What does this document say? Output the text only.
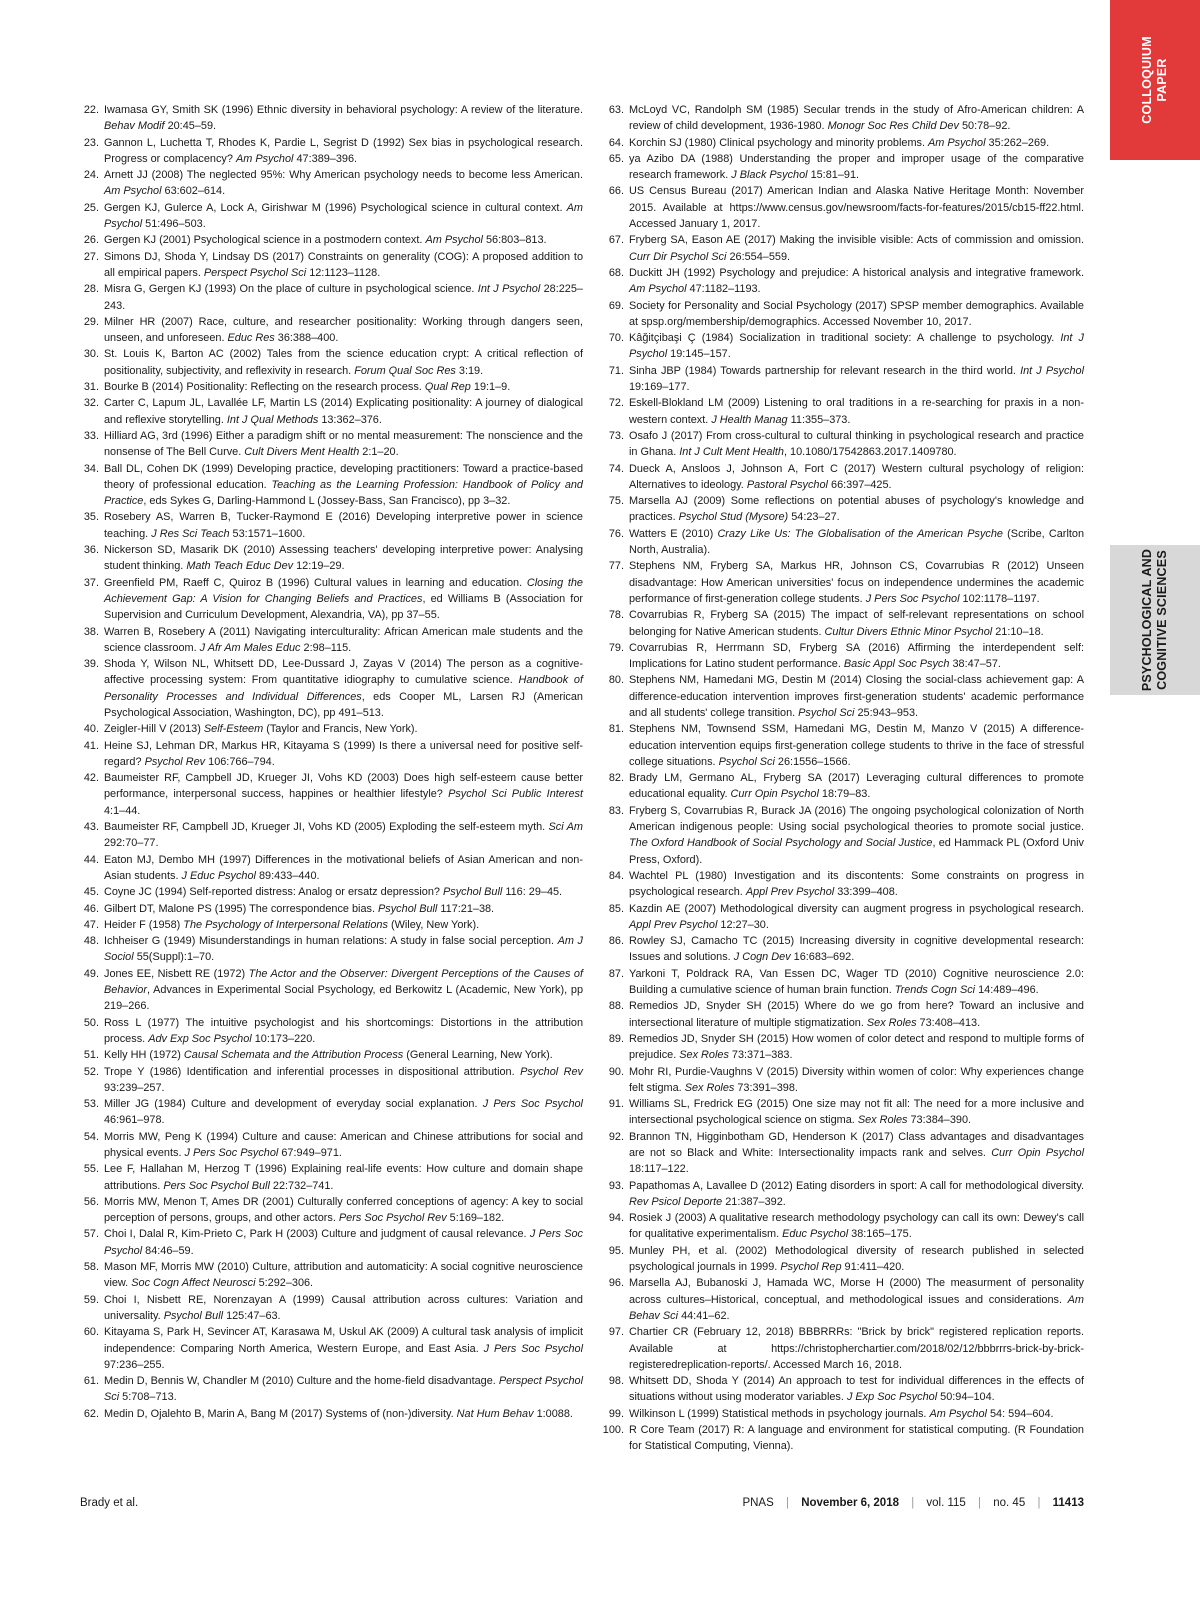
COLLOQUIUM PAPER
PSYCHOLOGICAL AND COGNITIVE SCIENCES
22 . Iwamasa GY, Smith SK (1996) Ethnic diversity in behavioral psychology: A review of the literature. Behav Modif 20:45–59.
23 . Gannon L, Luchetta T, Rhodes K, Pardie L, Segrist D (1992) Sex bias in psychological research. Progress or complacency? Am Psychol 47:389–396.
24 . Arnett JJ (2008) The neglected 95%: Why American psychology needs to become less American. Am Psychol 63:602–614.
25 . Gergen KJ, Gulerce A, Lock A, Girishwar M (1996) Psychological science in cultural context. Am Psychol 51:496–503.
26 . Gergen KJ (2001) Psychological science in a postmodern context. Am Psychol 56:803–813.
27 . Simons DJ, Shoda Y, Lindsay DS (2017) Constraints on generality (COG): A proposed addition to all empirical papers. Perspect Psychol Sci 12:1123–1128.
28 . Misra G, Gergen KJ (1993) On the place of culture in psychological science. Int J Psychol 28:225–243.
29 . Milner HR (2007) Race, culture, and researcher positionality: Working through dangers seen, unseen, and unforeseen. Educ Res 36:388–400.
30 . St. Louis K, Barton AC (2002) Tales from the science education crypt: A critical reflection of positionality, subjectivity, and reflexivity in research. Forum Qual Soc Res 3:19.
31 . Bourke B (2014) Positionality: Reflecting on the research process. Qual Rep 19:1–9.
32 . Carter C, Lapum JL, Lavallée LF, Martin LS (2014) Explicating positionality: A journey of dialogical and reflexive storytelling. Int J Qual Methods 13:362–376.
33 . Hilliard AG, 3rd (1996) Either a paradigm shift or no mental measurement: The nonscience and the nonsense of The Bell Curve. Cult Divers Ment Health 2:1–20.
34 . Ball DL, Cohen DK (1999) Developing practice, developing practitioners: Toward a practice-based theory of professional education. Teaching as the Learning Profession: Handbook of Policy and Practice, eds Sykes G, Darling-Hammond L (Jossey-Bass, San Francisco), pp 3–32.
35 . Rosebery AS, Warren B, Tucker-Raymond E (2016) Developing interpretive power in science teaching. J Res Sci Teach 53:1571–1600.
36 . Nickerson SD, Masarik DK (2010) Assessing teachers' developing interpretive power: Analysing student thinking. Math Teach Educ Dev 12:19–29.
37 . Greenfield PM, Raeff C, Quiroz B (1996) Cultural values in learning and education. Closing the Achievement Gap: A Vision for Changing Beliefs and Practices, ed Williams B (Association for Supervision and Curriculum Development, Alexandria, VA), pp 37–55.
38 . Warren B, Rosebery A (2011) Navigating interculturality: African American male students and the science classroom. J Afr Am Males Educ 2:98–115.
39 . Shoda Y, Wilson NL, Whitsett DD, Lee-Dussard J, Zayas V (2014) The person as a cognitive-affective processing system: From quantitative idiography to cumulative science. Handbook of Personality Processes and Individual Differences, eds Cooper ML, Larsen RJ (American Psychological Association, Washington, DC), pp 491–513.
40 . Zeigler-Hill V (2013) Self-Esteem (Taylor and Francis, New York).
41 . Heine SJ, Lehman DR, Markus HR, Kitayama S (1999) Is there a universal need for positive self-regard? Psychol Rev 106:766–794.
42 . Baumeister RF, Campbell JD, Krueger JI, Vohs KD (2003) Does high self-esteem cause better performance, interpersonal success, happines or healthier lifestyle? Psychol Sci Public Interest 4:1–44.
43 . Baumeister RF, Campbell JD, Krueger JI, Vohs KD (2005) Exploding the self-esteem myth. Sci Am 292:70–77.
44 . Eaton MJ, Dembo MH (1997) Differences in the motivational beliefs of Asian American and non-Asian students. J Educ Psychol 89:433–440.
45 . Coyne JC (1994) Self-reported distress: Analog or ersatz depression? Psychol Bull 116: 29–45.
46 . Gilbert DT, Malone PS (1995) The correspondence bias. Psychol Bull 117:21–38.
47 . Heider F (1958) The Psychology of Interpersonal Relations (Wiley, New York).
48 . Ichheiser G (1949) Misunderstandings in human relations: A study in false social perception. Am J Sociol 55(Suppl):1–70.
49 . Jones EE, Nisbett RE (1972) The Actor and the Observer: Divergent Perceptions of the Causes of Behavior, Advances in Experimental Social Psychology, ed Berkowitz L (Academic, New York), pp 219–266.
50 . Ross L (1977) The intuitive psychologist and his shortcomings: Distortions in the attribution process. Adv Exp Soc Psychol 10:173–220.
51 . Kelly HH (1972) Causal Schemata and the Attribution Process (General Learning, New York).
52 . Trope Y (1986) Identification and inferential processes in dispositional attribution. Psychol Rev 93:239–257.
53 . Miller JG (1984) Culture and development of everyday social explanation. J Pers Soc Psychol 46:961–978.
54 . Morris MW, Peng K (1994) Culture and cause: American and Chinese attributions for social and physical events. J Pers Soc Psychol 67:949–971.
55 . Lee F, Hallahan M, Herzog T (1996) Explaining real-life events: How culture and domain shape attributions. Pers Soc Psychol Bull 22:732–741.
56 . Morris MW, Menon T, Ames DR (2001) Culturally conferred conceptions of agency: A key to social perception of persons, groups, and other actors. Pers Soc Psychol Rev 5:169–182.
57 . Choi I, Dalal R, Kim-Prieto C, Park H (2003) Culture and judgment of causal relevance. J Pers Soc Psychol 84:46–59.
58 . Mason MF, Morris MW (2010) Culture, attribution and automaticity: A social cognitive neuroscience view. Soc Cogn Affect Neurosci 5:292–306.
59 . Choi I, Nisbett RE, Norenzayan A (1999) Causal attribution across cultures: Variation and universality. Psychol Bull 125:47–63.
60 . Kitayama S, Park H, Sevincer AT, Karasawa M, Uskul AK (2009) A cultural task analysis of implicit independence: Comparing North America, Western Europe, and East Asia. J Pers Soc Psychol 97:236–255.
61 . Medin D, Bennis W, Chandler M (2010) Culture and the home-field disadvantage. Perspect Psychol Sci 5:708–713.
62 . Medin D, Ojalehto B, Marin A, Bang M (2017) Systems of (non-)diversity. Nat Hum Behav 1:0088.
63 . McLoyd VC, Randolph SM (1985) Secular trends in the study of Afro-American children: A review of child development, 1936-1980. Monogr Soc Res Child Dev 50:78–92.
64 . Korchin SJ (1980) Clinical psychology and minority problems. Am Psychol 35:262–269.
65 . ya Azibo DA (1988) Understanding the proper and improper usage of the comparative research framework. J Black Psychol 15:81–91.
66 . US Census Bureau (2017) American Indian and Alaska Native Heritage Month: November 2015. Available at https://www.census.gov/newsroom/facts-for-features/2015/cb15-ff22.html. Accessed January 1, 2017.
67 . Fryberg SA, Eason AE (2017) Making the invisible visible: Acts of commission and omission. Curr Dir Psychol Sci 26:554–559.
68 . Duckitt JH (1992) Psychology and prejudice: A historical analysis and integrative framework. Am Psychol 47:1182–1193.
69 . Society for Personality and Social Psychology (2017) SPSP member demographics. Available at spsp.org/membership/demographics. Accessed November 10, 2017.
70 . Kâğitçibaşi Ç (1984) Socialization in traditional society: A challenge to psychology. Int J Psychol 19:145–157.
71 . Sinha JBP (1984) Towards partnership for relevant research in the third world. Int J Psychol 19:169–177.
72 . Eskell-Blokland LM (2009) Listening to oral traditions in a re-searching for praxis in a non-western context. J Health Manag 11:355–373.
73 . Osafo J (2017) From cross-cultural to cultural thinking in psychological research and practice in Ghana. Int J Cult Ment Health, 10.1080/17542863.2017.1409780.
74 . Dueck A, Ansloos J, Johnson A, Fort C (2017) Western cultural psychology of religion: Alternatives to ideology. Pastoral Psychol 66:397–425.
75 . Marsella AJ (2009) Some reflections on potential abuses of psychology's knowledge and practices. Psychol Stud (Mysore) 54:23–27.
76 . Watters E (2010) Crazy Like Us: The Globalisation of the American Psyche (Scribe, Carlton North, Australia).
77 . Stephens NM, Fryberg SA, Markus HR, Johnson CS, Covarrubias R (2012) Unseen disadvantage: How American universities' focus on independence undermines the academic performance of first-generation college students. J Pers Soc Psychol 102:1178–1197.
78 . Covarrubias R, Fryberg SA (2015) The impact of self-relevant representations on school belonging for Native American students. Cultur Divers Ethnic Minor Psychol 21:10–18.
79 . Covarrubias R, Herrmann SD, Fryberg SA (2016) Affirming the interdependent self: Implications for Latino student performance. Basic Appl Soc Psych 38:47–57.
80 . Stephens NM, Hamedani MG, Destin M (2014) Closing the social-class achievement gap: A difference-education intervention improves first-generation students' academic performance and all students' college transition. Psychol Sci 25:943–953.
81 . Stephens NM, Townsend SSM, Hamedani MG, Destin M, Manzo V (2015) A difference-education intervention equips first-generation college students to thrive in the face of stressful college situations. Psychol Sci 26:1556–1566.
82 . Brady LM, Germano AL, Fryberg SA (2017) Leveraging cultural differences to promote educational equality. Curr Opin Psychol 18:79–83.
83 . Fryberg S, Covarrubias R, Burack JA (2016) The ongoing psychological colonization of North American indigenous people: Using social psychological theories to promote social justice. The Oxford Handbook of Social Psychology and Social Justice, ed Hammack PL (Oxford Univ Press, Oxford).
84 . Wachtel PL (1980) Investigation and its discontents: Some constraints on progress in psychological research. Appl Prev Psychol 33:399–408.
85 . Kazdin AE (2007) Methodological diversity can augment progress in psychological research. Appl Prev Psychol 12:27–30.
86 . Rowley SJ, Camacho TC (2015) Increasing diversity in cognitive developmental research: Issues and solutions. J Cogn Dev 16:683–692.
87 . Yarkoni T, Poldrack RA, Van Essen DC, Wager TD (2010) Cognitive neuroscience 2.0: Building a cumulative science of human brain function. Trends Cogn Sci 14:489–496.
88 . Remedios JD, Snyder SH (2015) Where do we go from here? Toward an inclusive and intersectional literature of multiple stigmatization. Sex Roles 73:408–413.
89 . Remedios JD, Snyder SH (2015) How women of color detect and respond to multiple forms of prejudice. Sex Roles 73:371–383.
90 . Mohr RI, Purdie-Vaughns V (2015) Diversity within women of color: Why experiences change felt stigma. Sex Roles 73:391–398.
91 . Williams SL, Fredrick EG (2015) One size may not fit all: The need for a more inclusive and intersectional psychological science on stigma. Sex Roles 73:384–390.
92 . Brannon TN, Higginbotham GD, Henderson K (2017) Class advantages and disadvantages are not so Black and White: Intersectionality impacts rank and selves. Curr Opin Psychol 18:117–122.
93 . Papathomas A, Lavallee D (2012) Eating disorders in sport: A call for methodological diversity. Rev Psicol Deporte 21:387–392.
94 . Rosiek J (2003) A qualitative research methodology psychology can call its own: Dewey's call for qualitative experimentalism. Educ Psychol 38:165–175.
95 . Munley PH, et al. (2002) Methodological diversity of research published in selected psychological journals in 1999. Psychol Rep 91:411–420.
96 . Marsella AJ, Bubanoski J, Hamada WC, Morse H (2000) The measurment of personality across cultures–Historical, conceptual, and methodological issues and considerations. Am Behav Sci 44:41–62.
97 . Chartier CR (February 12, 2018) BBBRRRs: "Brick by brick" registered replication reports. Available at https://christopherchartier.com/2018/02/12/bbbrrrs-brick-by-brick-registeredreplication-reports/. Accessed March 16, 2018.
98 . Whitsett DD, Shoda Y (2014) An approach to test for individual differences in the effects of situations without using moderator variables. J Exp Soc Psychol 50:94–104.
99 . Wilkinson L (1999) Statistical methods in psychology journals. Am Psychol 54: 594–604.
100 . R Core Team (2017) R: A language and environment for statistical computing. (R Foundation for Statistical Computing, Vienna).
Brady et al.	PNAS | November 6, 2018 | vol. 115 | no. 45 | 11413
